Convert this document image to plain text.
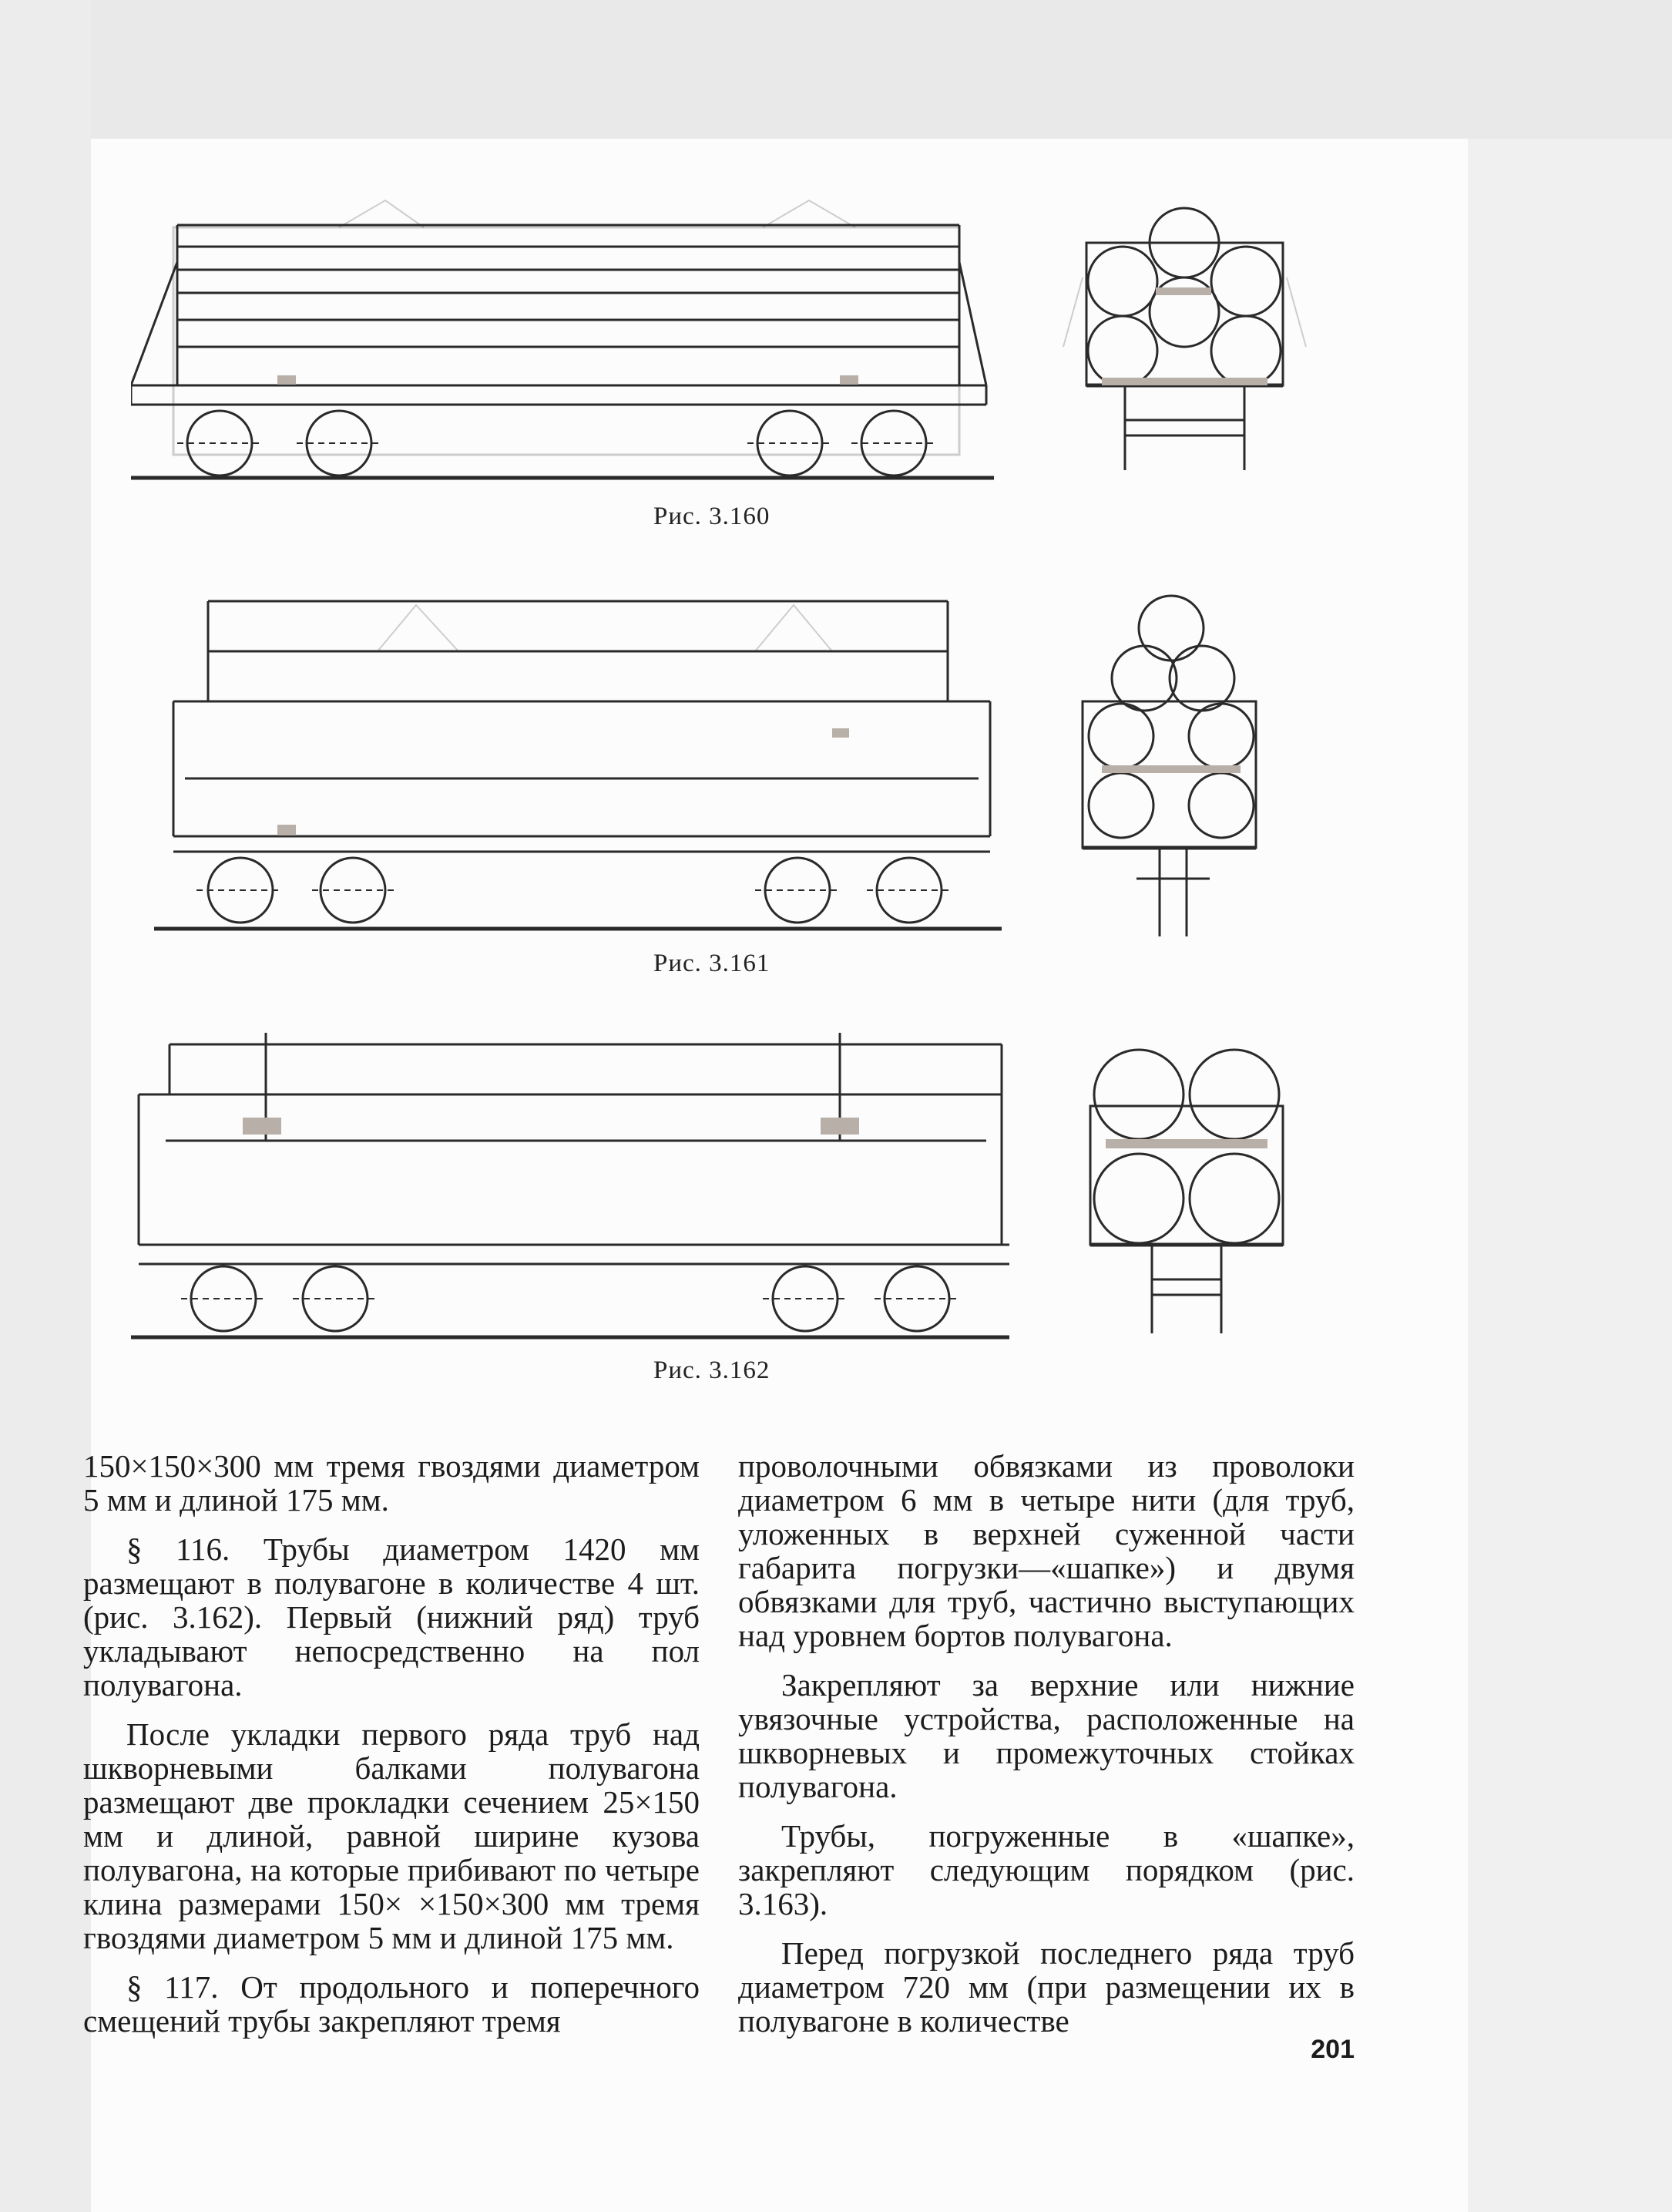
Рис. 3.160
Рис. 3.161
Рис. 3.162

150×150×300 мм тремя гвоздями диаметром 5 мм и длиной 175 мм.

§ 116. Трубы диаметром 1420 мм размещают в полувагоне в количестве 4 шт. (рис. 3.162). Первый (нижний ряд) труб укладывают непосредственно на пол полувагона.

После укладки первого ряда труб над шкворневыми балками полувагона размещают две прокладки сечением 25×150 мм и длиной, равной ширине кузова полувагона, на которые прибивают по четыре клина размерами 150× ×150×300 мм тремя гвоздями диаметром 5 мм и длиной 175 мм.

§ 117. От продольного и поперечного смещений трубы закрепляют тремя

проволочными обвязками из проволоки диаметром 6 мм в четыре нити (для труб, уложенных в верхней суженной части габарита погрузки—«шапке») и двумя обвязками для труб, частично выступающих над уровнем бортов полувагона.

Закрепляют за верхние или нижние увязочные устройства, расположенные на шкворневых и промежуточных стойках полувагона.

Трубы, погруженные в «шапке», закрепляют следующим порядком (рис. 3.163).

Перед погрузкой последнего ряда труб диаметром 720 мм (при размещении их в полувагоне в количестве

201
